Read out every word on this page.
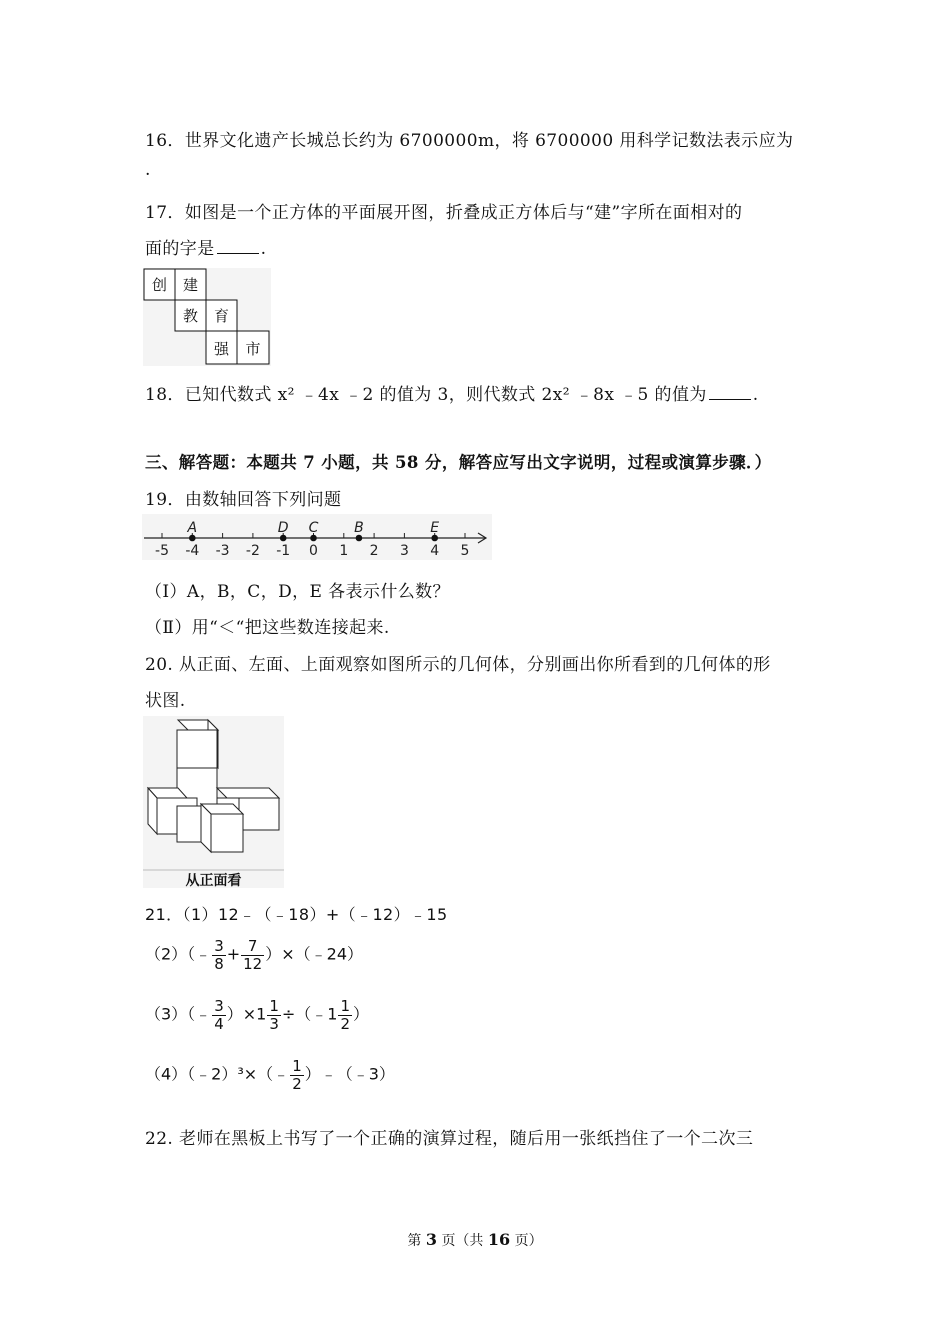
16．世界文化遗产长城总长约为 6700000m，将 6700000 用科学记数法表示应为
.
17．如图是一个正方体的平面展开图，折叠成正方体后与“建”字所在面相对的
面的字是	.
创	建
教	育
强	市
18．已知代数式 x² ﹣4x ﹣2 的值为 3，则代数式 2x² ﹣8x ﹣5 的值为	.
三、解答题：本题共 7 小题，共 58 分，解答应写出文字说明，过程或演算步骤．）
19．由数轴回答下列问题
-5 -4 -3 -2 -1 0 1 2 3 4 5
A	D C	B	E
（Ⅰ）A，B，C，D，E 各表示什么数？
（Ⅱ）用“＜“把这些数连接起来.
20. 从正面、左面、上面观察如图所示的几何体，分别画出你所看到的几何体的形
状图.
从正面看
21．（1）12﹣（﹣18）+（﹣12）﹣15
（2）（﹣ $\frac{3}{8} + \frac{7}{12}$ ）×（﹣24）
（3）（﹣ $\frac{3}{4} )\times 1 \frac{1}{3}$ ÷（﹣1 $\frac{1}{2}$ ）
（4）（﹣2）³×（﹣ $\frac{1}{2}$ ）﹣（﹣3）
22. 老师在黑板上书写了一个正确的演算过程，随后用一张纸挡住了一个二次三
第 3 页（共 16 页）
